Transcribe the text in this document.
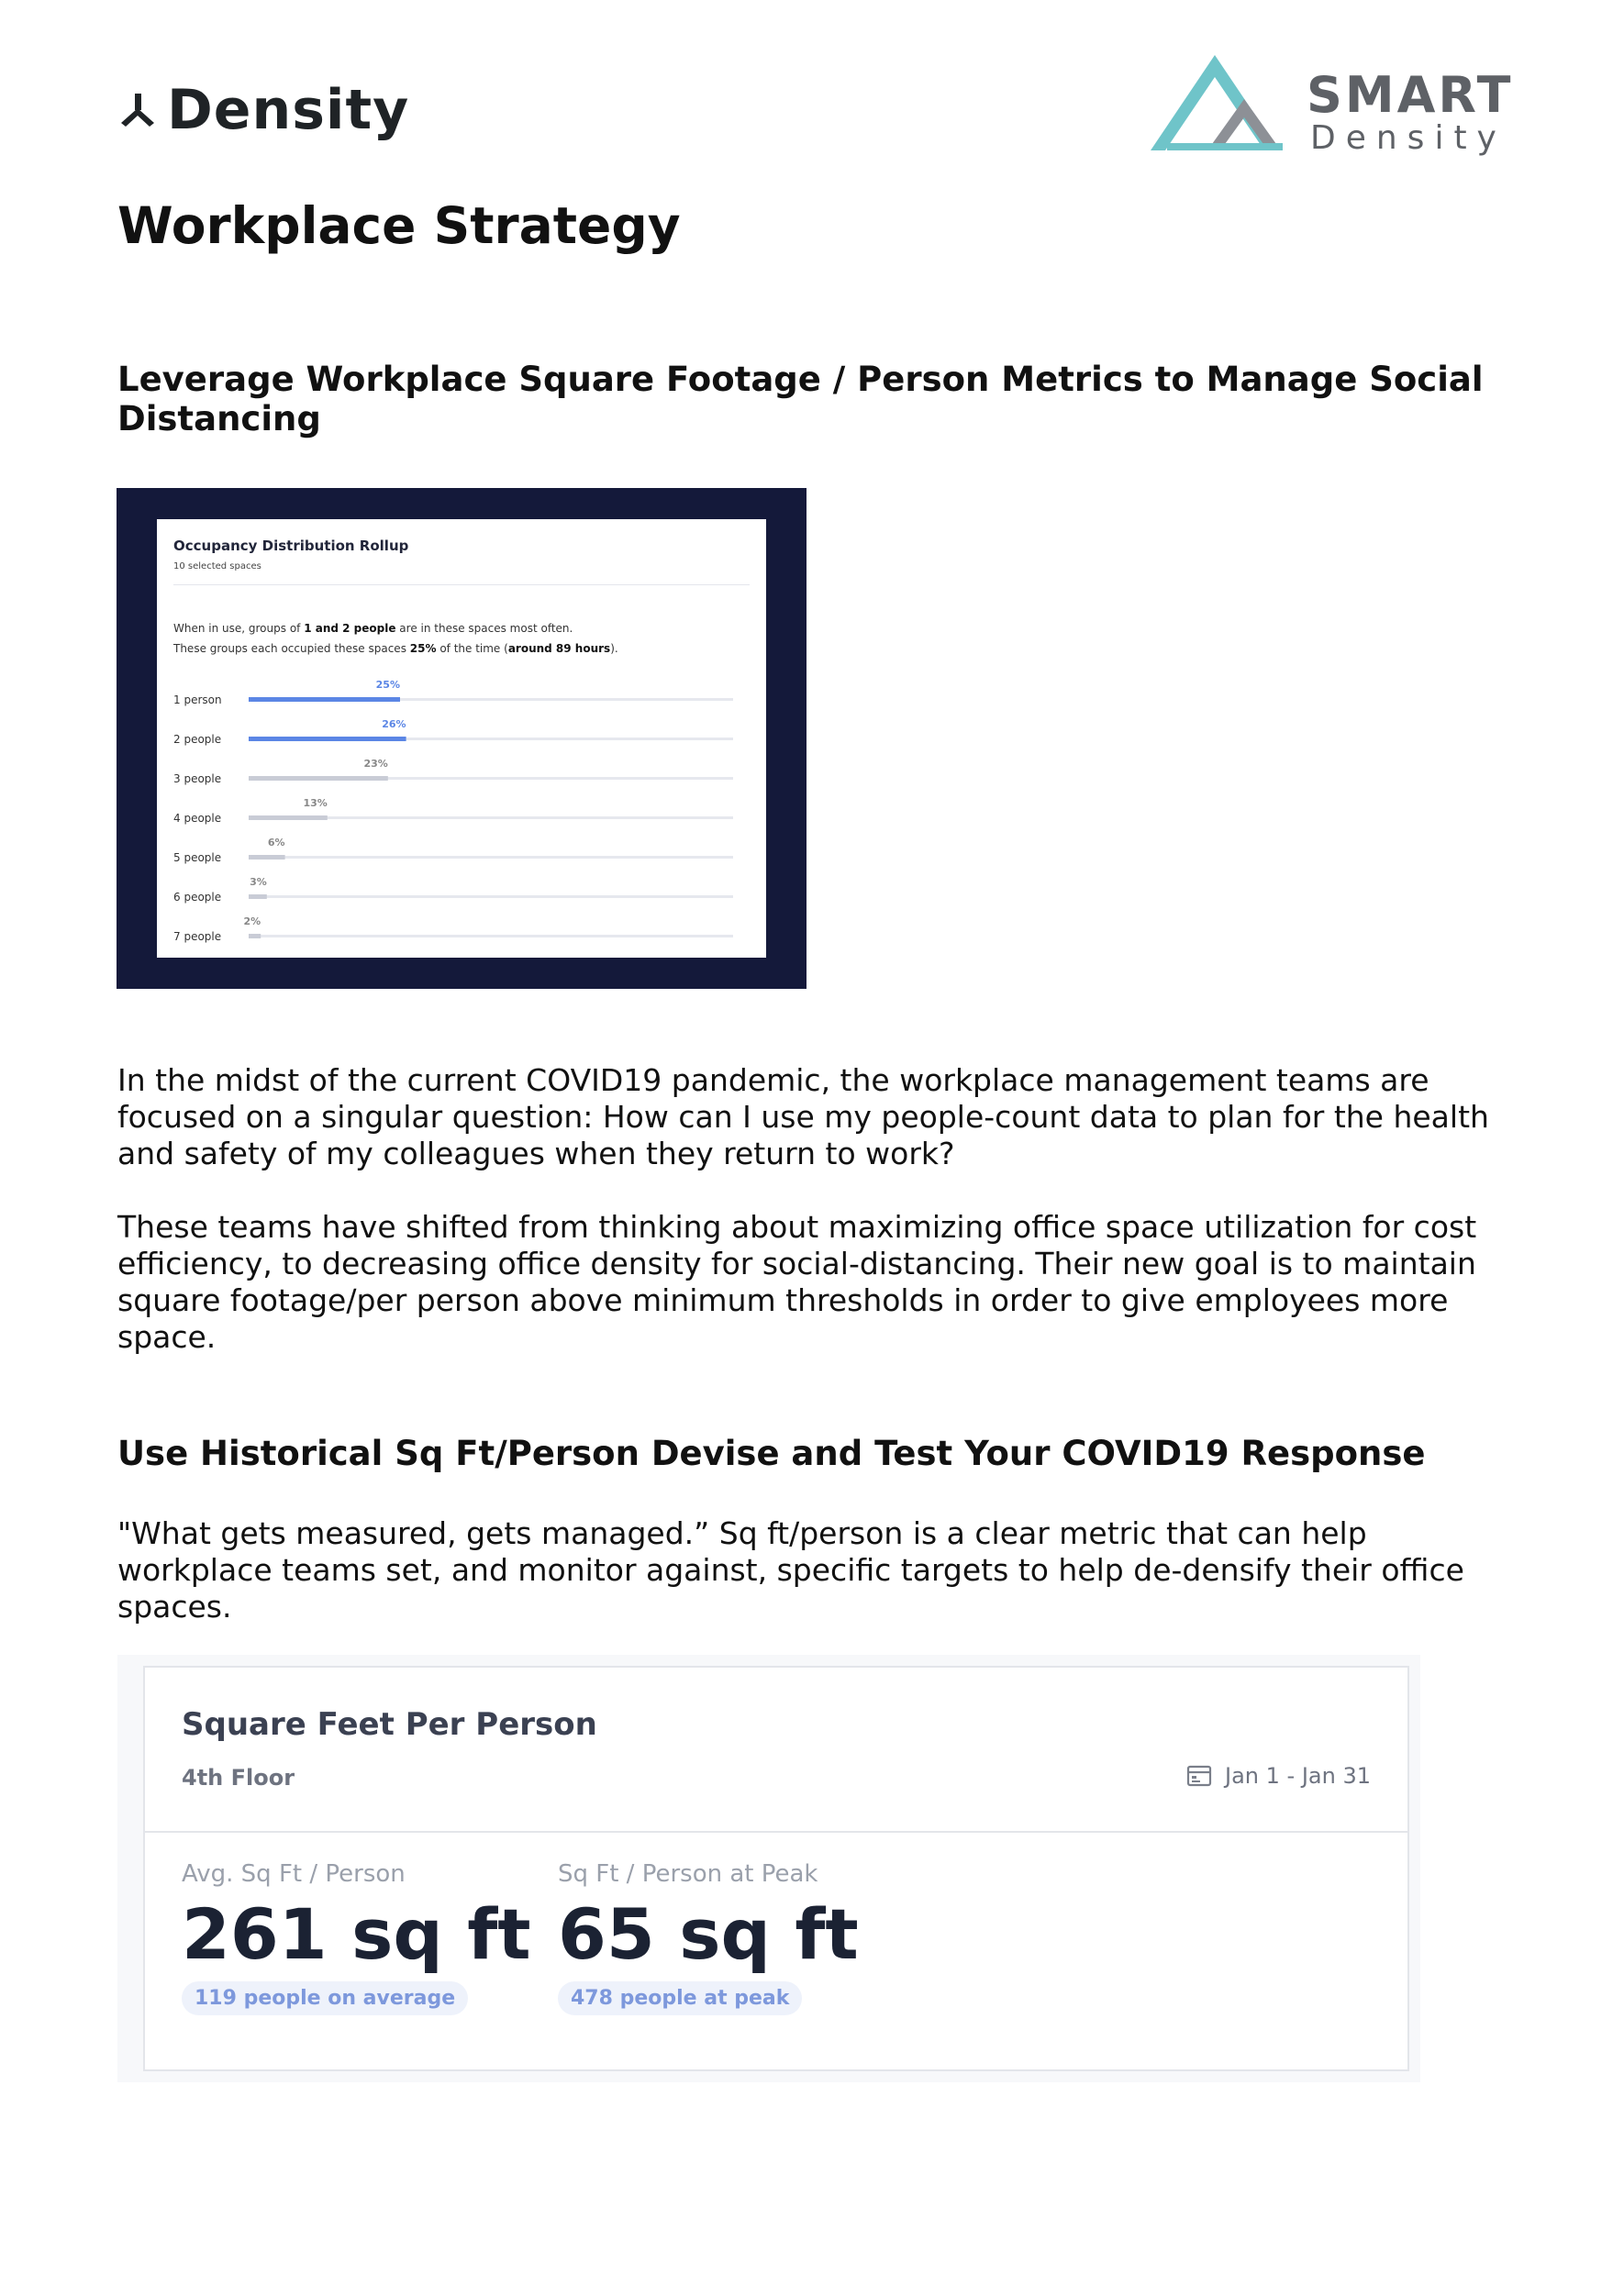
Density	SMART
Density
Workplace Strategy
Leverage Workplace Square Footage / Person Metrics to Manage Social Distancing
Occupancy Distribution Rollup
10 selected spaces

When in use, groups of 1 and 2 people are in these spaces most often.

These groups each occupied these spaces 25% of the time (around 89 hours).

1 person
25%
2 people
26%
3 people
23%
4 people
13%
5 people
6%
6 people
3%
7 people
2%

In the midst of the current COVID19 pandemic, the workplace management teams are focused on a singular question: How can I use my people-count data to plan for the health and safety of my colleagues when they return to work?

These teams have shifted from thinking about maximizing office space utilization for cost efficiency, to decreasing office density for social-distancing. Their new goal is to maintain square footage/per person above minimum thresholds in order to give employees more space.

Use Historical Sq Ft/Person Devise and Test Your COVID19 Response

"What gets measured, gets managed.” Sq ft/person is a clear metric that can help workplace teams set, and monitor against, specific targets to help de-densify their office spaces.

Square Feet Per Person
4th Floor	Jan 1 - Jan 31
Avg. Sq Ft / Person
261 sq ft
119 people on average
Sq Ft / Person at Peak
65 sq ft
478 people at peak
